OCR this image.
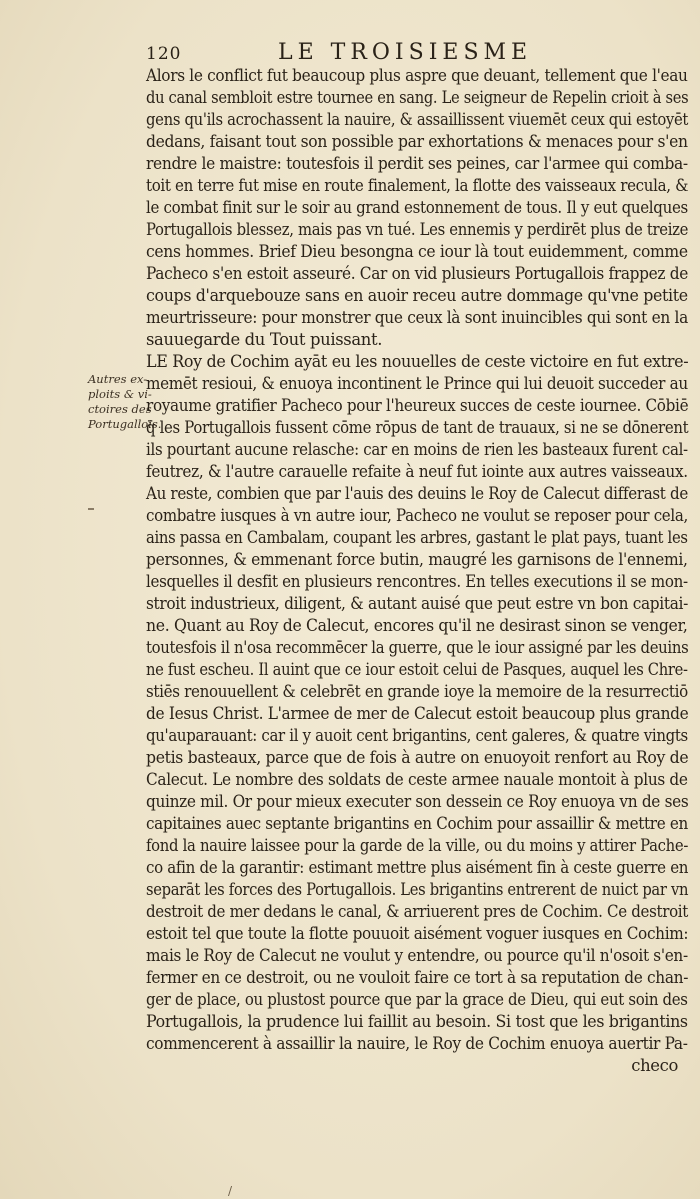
120	LE TROISIESME
Autres ex-
ploits & vi-
ctoires des
Portugallois.
Alors le conflict fut beaucoup plus aspre que deuant, tellement que l'eau
du canal sembloit estre tournee en sang. Le seigneur de Repelin crioit à ses
gens qu'ils acrochassent la nauire, & assaillissent viuemēt ceux qui estoyēt
dedans, faisant tout son possible par exhortations & menaces pour s'en
rendre le maistre: toutesfois il perdit ses peines, car l'armee qui comba-
toit en terre fut mise en route finalement, la flotte des vaisseaux recula, &
le combat finit sur le soir au grand estonnement de tous. Il y eut quelques
Portugallois blessez, mais pas vn tué. Les ennemis y perdirēt plus de treize
cens hommes. Brief Dieu besongna ce iour là tout euidemment, comme
Pacheco s'en estoit asseuré. Car on vid plusieurs Portugallois frappez de
coups d'arquebouze sans en auoir receu autre dommage qu'vne petite
meurtrisseure: pour monstrer que ceux là sont inuincibles qui sont en la
sauuegarde du Tout puissant.
LE Roy de Cochim ayāt eu les nouuelles de ceste victoire en fut extre-
memēt resioui, & enuoya incontinent le Prince qui lui deuoit succeder au
royaume gratifier Pacheco pour l'heureux succes de ceste iournee. Cōbiē
q̄ les Portugallois fussent cōme rōpus de tant de trauaux, si ne se dōnerent
ils pourtant aucune relasche: car en moins de rien les basteaux furent cal-
feutrez, & l'autre carauelle refaite à neuf fut iointe aux autres vaisseaux.
Au reste, combien que par l'auis des deuins le Roy de Calecut differast de
combatre iusques à vn autre iour, Pacheco ne voulut se reposer pour cela,
ains passa en Cambalam, coupant les arbres, gastant le plat pays, tuant les
personnes, & emmenant force butin, maugré les garnisons de l'ennemi,
lesquelles il desfit en plusieurs rencontres. En telles executions il se mon-
stroit industrieux, diligent, & autant auisé que peut estre vn bon capitai-
ne. Quant au Roy de Calecut, encores qu'il ne desirast sinon se venger,
toutesfois il n'osa recommēcer la guerre, que le iour assigné par les deuins
ne fust escheu. Il auint que ce iour estoit celui de Pasques, auquel les Chre-
stiēs renouuellent & celebrēt en grande ioye la memoire de la resurrectiō
de Iesus Christ. L'armee de mer de Calecut estoit beaucoup plus grande
qu'auparauant: car il y auoit cent brigantins, cent galeres, & quatre vingts
petis basteaux, parce que de fois à autre on enuoyoit renfort au Roy de
Calecut. Le nombre des soldats de ceste armee nauale montoit à plus de
quinze mil. Or pour mieux executer son dessein ce Roy enuoya vn de ses
capitaines auec septante brigantins en Cochim pour assaillir & mettre en
fond la nauire laissee pour la garde de la ville, ou du moins y attirer Pache-
co afin de la garantir: estimant mettre plus aisément fin à ceste guerre en
separāt les forces des Portugallois. Les brigantins entrerent de nuict par vn
destroit de mer dedans le canal, & arriuerent pres de Cochim. Ce destroit
estoit tel que toute la flotte pouuoit aisément voguer iusques en Cochim:
mais le Roy de Calecut ne voulut y entendre, ou pource qu'il n'osoit s'en-
fermer en ce destroit, ou ne vouloit faire ce tort à sa reputation de chan-
ger de place, ou plustost pource que par la grace de Dieu, qui eut soin des
Portugallois, la prudence lui faillit au besoin. Si tost que les brigantins
commencerent à assaillir la nauire, le Roy de Cochim enuoya auertir Pa-
checo
/
